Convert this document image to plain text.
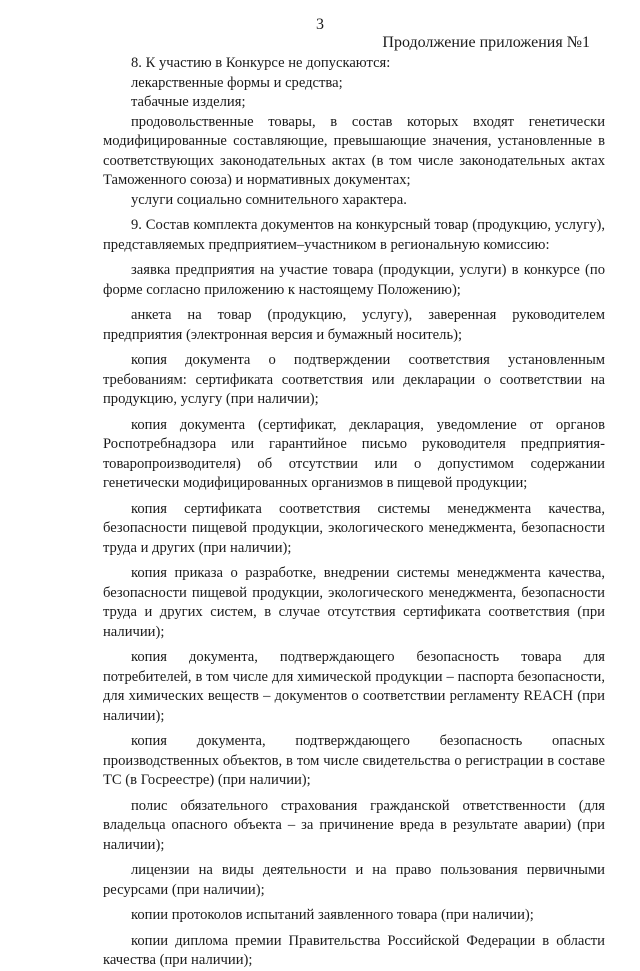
3
Продолжение приложения №1

8. К участию в Конкурсе не допускаются:

лекарственные формы и средства;

табачные изделия;

продовольственные товары, в состав которых входят генетически модифицированные составляющие, превышающие значения, установленные в соответствующих законодательных актах (в том числе законодательных актах Таможенного союза) и нормативных документах;

услуги социально сомнительного характера.

9. Состав комплекта документов на конкурсный товар (продукцию, услугу), представляемых предприятием–участником в региональную комиссию:

заявка предприятия на участие товара (продукции, услуги) в конкурсе (по форме согласно приложению к настоящему Положению);

анкета на товар (продукцию, услугу), заверенная руководителем предприятия (электронная версия и бумажный носитель);

копия документа о подтверждении соответствия установленным требованиям: сертификата соответствия или декларации о соответствии на продукцию, услугу (при наличии);

копия документа (сертификат, декларация, уведомление от органов Роспотребнадзора или гарантийное письмо руководителя предприятия-товаропроизводителя) об отсутствии или о допустимом содержании генетически модифицированных организмов в пищевой продукции;

копия сертификата соответствия системы менеджмента качества, безопасности пищевой продукции, экологического менеджмента, безопасности труда и других (при наличии);

копия приказа о разработке, внедрении системы менеджмента качества, безопасности пищевой продукции, экологического менеджмента, безопасности труда и других систем, в случае отсутствия сертификата соответствия (при наличии);

копия документа, подтверждающего безопасность товара для потребителей, в том числе для химической продукции – паспорта безопасности, для химических веществ – документов о соответствии регламенту REACH (при наличии);

копия документа, подтверждающего безопасность опасных производственных объектов, в том числе свидетельства о регистрации в составе ТС (в Госреестре) (при наличии);

полис обязательного страхования гражданской ответственности (для владельца опасного объекта – за причинение вреда в результате аварии) (при наличии);

лицензии на виды деятельности и на право пользования первичными ресурсами (при наличии);

копии протоколов испытаний заявленного товара (при наличии);

копии диплома премии Правительства Российской Федерации в области качества (при наличии);
